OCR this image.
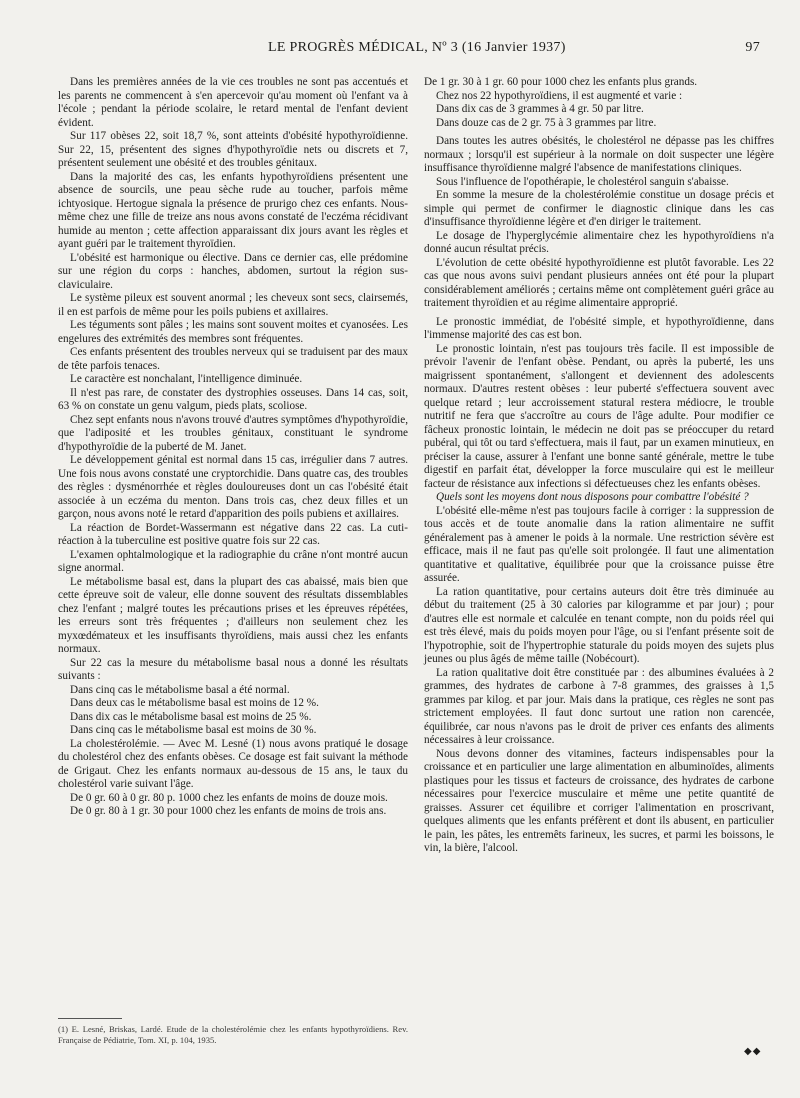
LE PROGRÈS MÉDICAL, Nº 3 (16 Janvier 1937)	97

Dans les premières années de la vie ces troubles ne sont pas accentués et les parents ne commencent à s'en apercevoir qu'au moment où l'enfant va à l'école ; pendant la période scolaire, le retard mental de l'enfant devient évident.

Sur 117 obèses 22, soit 18,7 %, sont atteints d'obésité hypothyroïdienne. Sur 22, 15, présentent des signes d'hypothyroïdie nets ou discrets et 7, présentent seulement une obésité et des troubles génitaux.

Dans la majorité des cas, les enfants hypothyroïdiens présentent une absence de sourcils, une peau sèche rude au toucher, parfois même ichtyosique. Hertogue signala la présence de prurigo chez ces enfants. Nous-même chez une fille de treize ans nous avons constaté de l'eczéma récidivant humide au menton ; cette affection apparaissant dix jours avant les règles et ayant guéri par le traitement thyroïdien.

L'obésité est harmonique ou élective. Dans ce dernier cas, elle prédomine sur une région du corps : hanches, abdomen, surtout la région sus-claviculaire.

Le système pileux est souvent anormal ; les cheveux sont secs, clairsemés, il en est parfois de même pour les poils pubiens et axillaires.

Les téguments sont pâles ; les mains sont souvent moites et cyanosées. Les engelures des extrémités des membres sont fréquentes.

Ces enfants présentent des troubles nerveux qui se traduisent par des maux de tête parfois tenaces.

Le caractère est nonchalant, l'intelligence diminuée.

Il n'est pas rare, de constater des dystrophies osseuses. Dans 14 cas, soit, 63 % on constate un genu valgum, pieds plats, scoliose.

Chez sept enfants nous n'avons trouvé d'autres symptômes d'hypothyroïdie, que l'adiposité et les troubles génitaux, constituant le syndrome d'hypothyroïdie de la puberté de M. Janet.

Le développement génital est normal dans 15 cas, irrégulier dans 7 autres. Une fois nous avons constaté une cryptorchidie. Dans quatre cas, des troubles des règles : dysménorrhée et règles douloureuses dont un cas l'obésité était associée à un eczéma du menton. Dans trois cas, chez deux filles et un garçon, nous avons noté le retard d'apparition des poils pubiens et axillaires.

La réaction de Bordet-Wassermann est négative dans 22 cas. La cuti-réaction à la tuberculine est positive quatre fois sur 22 cas.

L'examen ophtalmologique et la radiographie du crâne n'ont montré aucun signe anormal.

Le métabolisme basal est, dans la plupart des cas abaissé, mais bien que cette épreuve soit de valeur, elle donne souvent des résultats dissemblables chez l'enfant ; malgré toutes les précautions prises et les épreuves répétées, les erreurs sont très fréquentes ; d'ailleurs non seulement chez les myxœdémateux et les insuffisants thyroïdiens, mais aussi chez les enfants normaux.

Sur 22 cas la mesure du métabolisme basal nous a donné les résultats suivants :

Dans cinq cas le métabolisme basal a été normal.

Dans deux cas le métabolisme basal est moins de 12 %.

Dans dix cas le métabolisme basal est moins de 25 %.

Dans cinq cas le métabolisme basal est moins de 30 %.

La cholestérolémie. — Avec M. Lesné (1) nous avons pratiqué le dosage du cholestérol chez des enfants obèses. Ce dosage est fait suivant la méthode de Grigaut. Chez les enfants normaux au-dessous de 15 ans, le taux du cholestérol varie suivant l'âge.

De 0 gr. 60 à 0 gr. 80 p. 1000 chez les enfants de moins de douze mois.

De 0 gr. 80 à 1 gr. 30 pour 1000 chez les enfants de moins de trois ans.

(1) E. Lesné, Briskas, Lardé. Etude de la cholestérolémie chez les enfants hypothyroïdiens. Rev. Française de Pédiatrie, Tom. XI, p. 104, 1935.

De 1 gr. 30 à 1 gr. 60 pour 1000 chez les enfants plus grands.

Chez nos 22 hypothyroïdiens, il est augmenté et varie :

Dans dix cas de 3 grammes à 4 gr. 50 par litre.

Dans douze cas de 2 gr. 75 à 3 grammes par litre.

Dans toutes les autres obésités, le cholestérol ne dépasse pas les chiffres normaux ; lorsqu'il est supérieur à la normale on doit suspecter une légère insuffisance thyroïdienne malgré l'absence de manifestations cliniques.

Sous l'influence de l'opothérapie, le cholestérol sanguin s'abaisse.

En somme la mesure de la cholestérolémie constitue un dosage précis et simple qui permet de confirmer le diagnostic clinique dans les cas d'insuffisance thyroïdienne légère et d'en diriger le traitement.

Le dosage de l'hyperglycémie alimentaire chez les hypothyroïdiens n'a donné aucun résultat précis.

L'évolution de cette obésité hypothyroïdienne est plutôt favorable. Les 22 cas que nous avons suivi pendant plusieurs années ont été pour la plupart considérablement améliorés ; certains même ont complètement guéri grâce au traitement thyroïdien et au régime alimentaire approprié.

Le pronostic immédiat, de l'obésité simple, et hypothyroïdienne, dans l'immense majorité des cas est bon.

Le pronostic lointain, n'est pas toujours très facile. Il est impossible de prévoir l'avenir de l'enfant obèse. Pendant, ou après la puberté, les uns maigrissent spontanément, s'allongent et deviennent des adolescents normaux. D'autres restent obèses : leur puberté s'effectuera souvent avec quelque retard ; leur accroissement statural restera médiocre, le trouble nutritif ne fera que s'accroître au cours de l'âge adulte. Pour modifier ce fâcheux pronostic lointain, le médecin ne doit pas se préoccuper du retard pubéral, qui tôt ou tard s'effectuera, mais il faut, par un examen minutieux, en préciser la cause, assurer à l'enfant une bonne santé générale, mettre le tube digestif en parfait état, développer la force musculaire qui est le meilleur facteur de résistance aux infections si défectueuses chez les enfants obèses.

Quels sont les moyens dont nous disposons pour combattre l'obésité ?

L'obésité elle-même n'est pas toujours facile à corriger : la suppression de tous accès et de toute anomalie dans la ration alimentaire ne suffit généralement pas à amener le poids à la normale. Une restriction sévère est efficace, mais il ne faut pas qu'elle soit prolongée. Il faut une alimentation quantitative et qualitative, équilibrée pour que la croissance puisse être assurée.

La ration quantitative, pour certains auteurs doit être très diminuée au début du traitement (25 à 30 calories par kilogramme et par jour) ; pour d'autres elle est normale et calculée en tenant compte, non du poids réel qui est très élevé, mais du poids moyen pour l'âge, ou si l'enfant présente soit de l'hypotrophie, soit de l'hypertrophie staturale du poids moyen des sujets plus jeunes ou plus âgés de même taille (Nobécourt).

La ration qualitative doit être constituée par : des albumines évaluées à 2 grammes, des hydrates de carbone à 7-8 grammes, des graisses à 1,5 grammes par kilog. et par jour. Mais dans la pratique, ces règles ne sont pas strictement employées. Il faut donc surtout une ration non carencée, équilibrée, car nous n'avons pas le droit de priver ces enfants des aliments nécessaires à leur croissance.

Nous devons donner des vitamines, facteurs indispensables pour la croissance et en particulier une large alimentation en albuminoïdes, aliments plastiques pour les tissus et facteurs de croissance, des hydrates de carbone nécessaires pour l'exercice musculaire et même une petite quantité de graisses. Assurer cet équilibre et corriger l'alimentation en proscrivant, quelques aliments que les enfants préfèrent et dont ils abusent, en particulier le pain, les pâtes, les entremêts farineux, les sucres, et parmi les boissons, le vin, la bière, l'alcool.

◆◆
